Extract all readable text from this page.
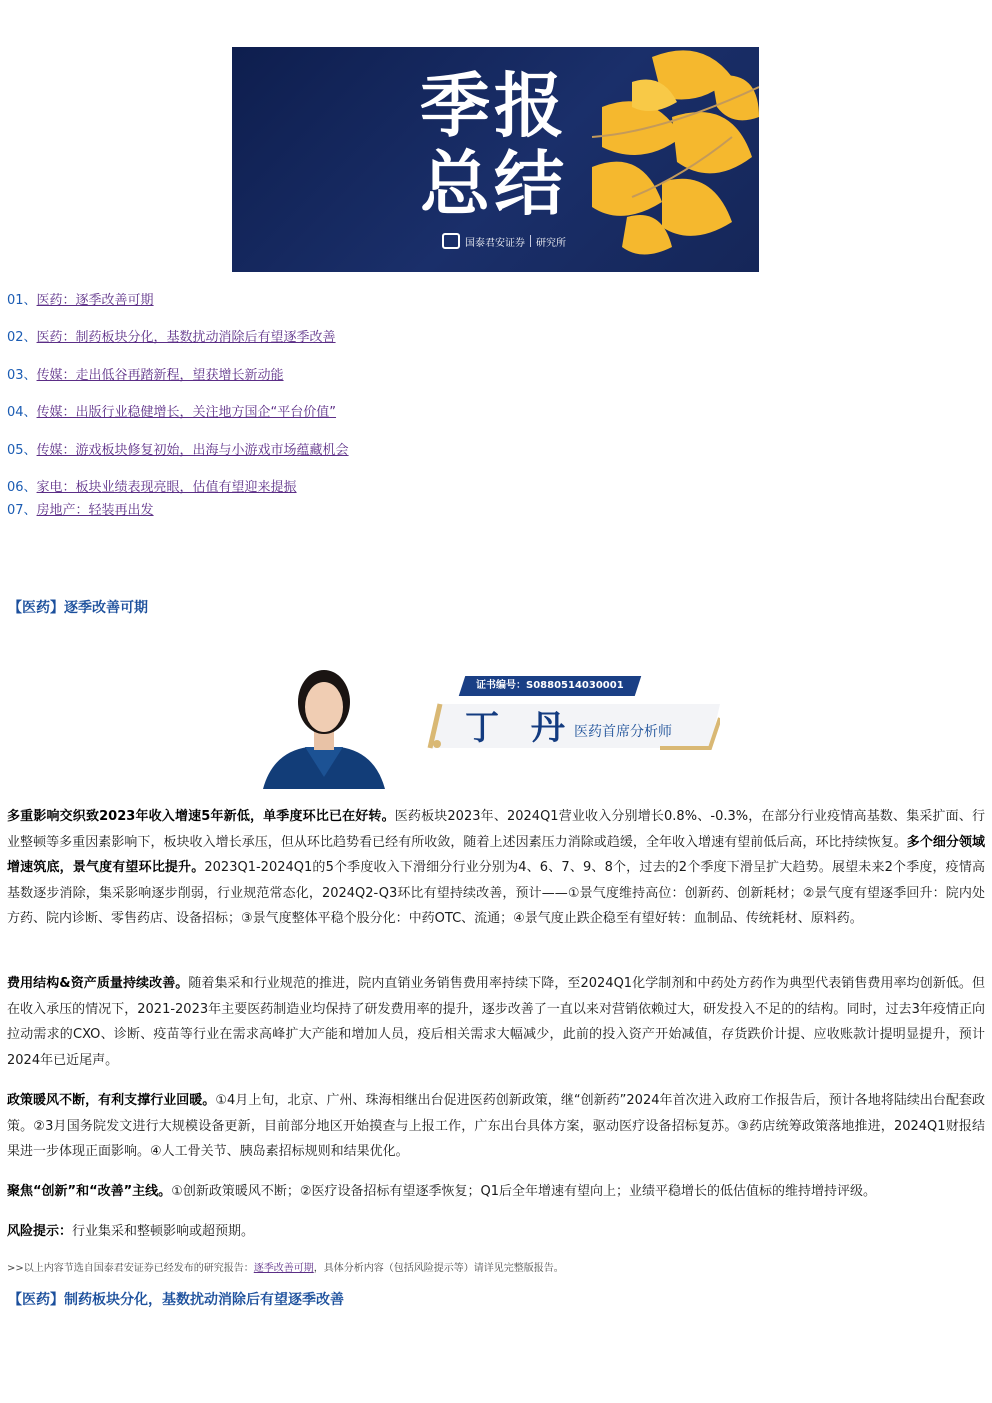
季报
总结
国泰君安证券 研究所
01、医药：逐季改善可期
02、医药：制药板块分化，基数扰动消除后有望逐季改善
03、传媒：走出低谷再踏新程，望获增长新动能
04、传媒：出版行业稳健增长，关注地方国企“平台价值”
05、传媒：游戏板块修复初始，出海与小游戏市场蕴藏机会
06、家电：板块业绩表现亮眼，估值有望迎来提振
07、房地产：轻装再出发
【医药】逐季改善可期
证书编号：S0880514030001
丁 丹 医药首席分析师
多重影响交织致2023年收入增速5年新低，单季度环比已在好转。医药板块2023年、2024Q1营业收入分别增长0.8%、-0.3%，在部分行业疫情高基数、集采扩面、行业整顿等多重因素影响下，板块收入增长承压，但从环比趋势看已经有所收敛，随着上述因素压力消除或趋缓，全年收入增速有望前低后高，环比持续恢复。多个细分领域增速筑底，景气度有望环比提升。2023Q1-2024Q1的5个季度收入下滑细分行业分别为4、6、7、9、8个，过去的2个季度下滑呈扩大趋势。展望未来2个季度，疫情高基数逐步消除，集采影响逐步削弱，行业规范常态化，2024Q2-Q3环比有望持续改善，预计——①景气度维持高位：创新药、创新耗材；②景气度有望逐季回升：院内处方药、院内诊断、零售药店、设备招标；③景气度整体平稳个股分化：中药OTC、流通；④景气度止跌企稳至有望好转：血制品、传统耗材、原料药。
费用结构&资产质量持续改善。随着集采和行业规范的推进，院内直销业务销售费用率持续下降，至2024Q1化学制剂和中药处方药作为典型代表销售费用率均创新低。但在收入承压的情况下，2021-2023年主要医药制造业均保持了研发费用率的提升，逐步改善了一直以来对营销依赖过大，研发投入不足的的结构。同时，过去3年疫情正向拉动需求的CXO、诊断、疫苗等行业在需求高峰扩大产能和增加人员，疫后相关需求大幅减少，此前的投入资产开始减值，存货跌价计提、应收账款计提明显提升，预计2024年已近尾声。
政策暖风不断，有利支撑行业回暖。①4月上旬，北京、广州、珠海相继出台促进医药创新政策，继“创新药”2024年首次进入政府工作报告后，预计各地将陆续出台配套政策。②3月国务院发文进行大规模设备更新，目前部分地区开始摸查与上报工作，广东出台具体方案，驱动医疗设备招标复苏。③药店统筹政策落地推进，2024Q1财报结果进一步体现正面影响。④人工骨关节、胰岛素招标规则和结果优化。
聚焦“创新”和“改善”主线。①创新政策暖风不断；②医疗设备招标有望逐季恢复；Q1后全年增速有望向上；业绩平稳增长的低估值标的维持增持评级。
风险提示：行业集采和整顿影响或超预期。
>>以上内容节选自国泰君安证券已经发布的研究报告：逐季改善可期，具体分析内容（包括风险提示等）请详见完整版报告。
【医药】制药板块分化，基数扰动消除后有望逐季改善
